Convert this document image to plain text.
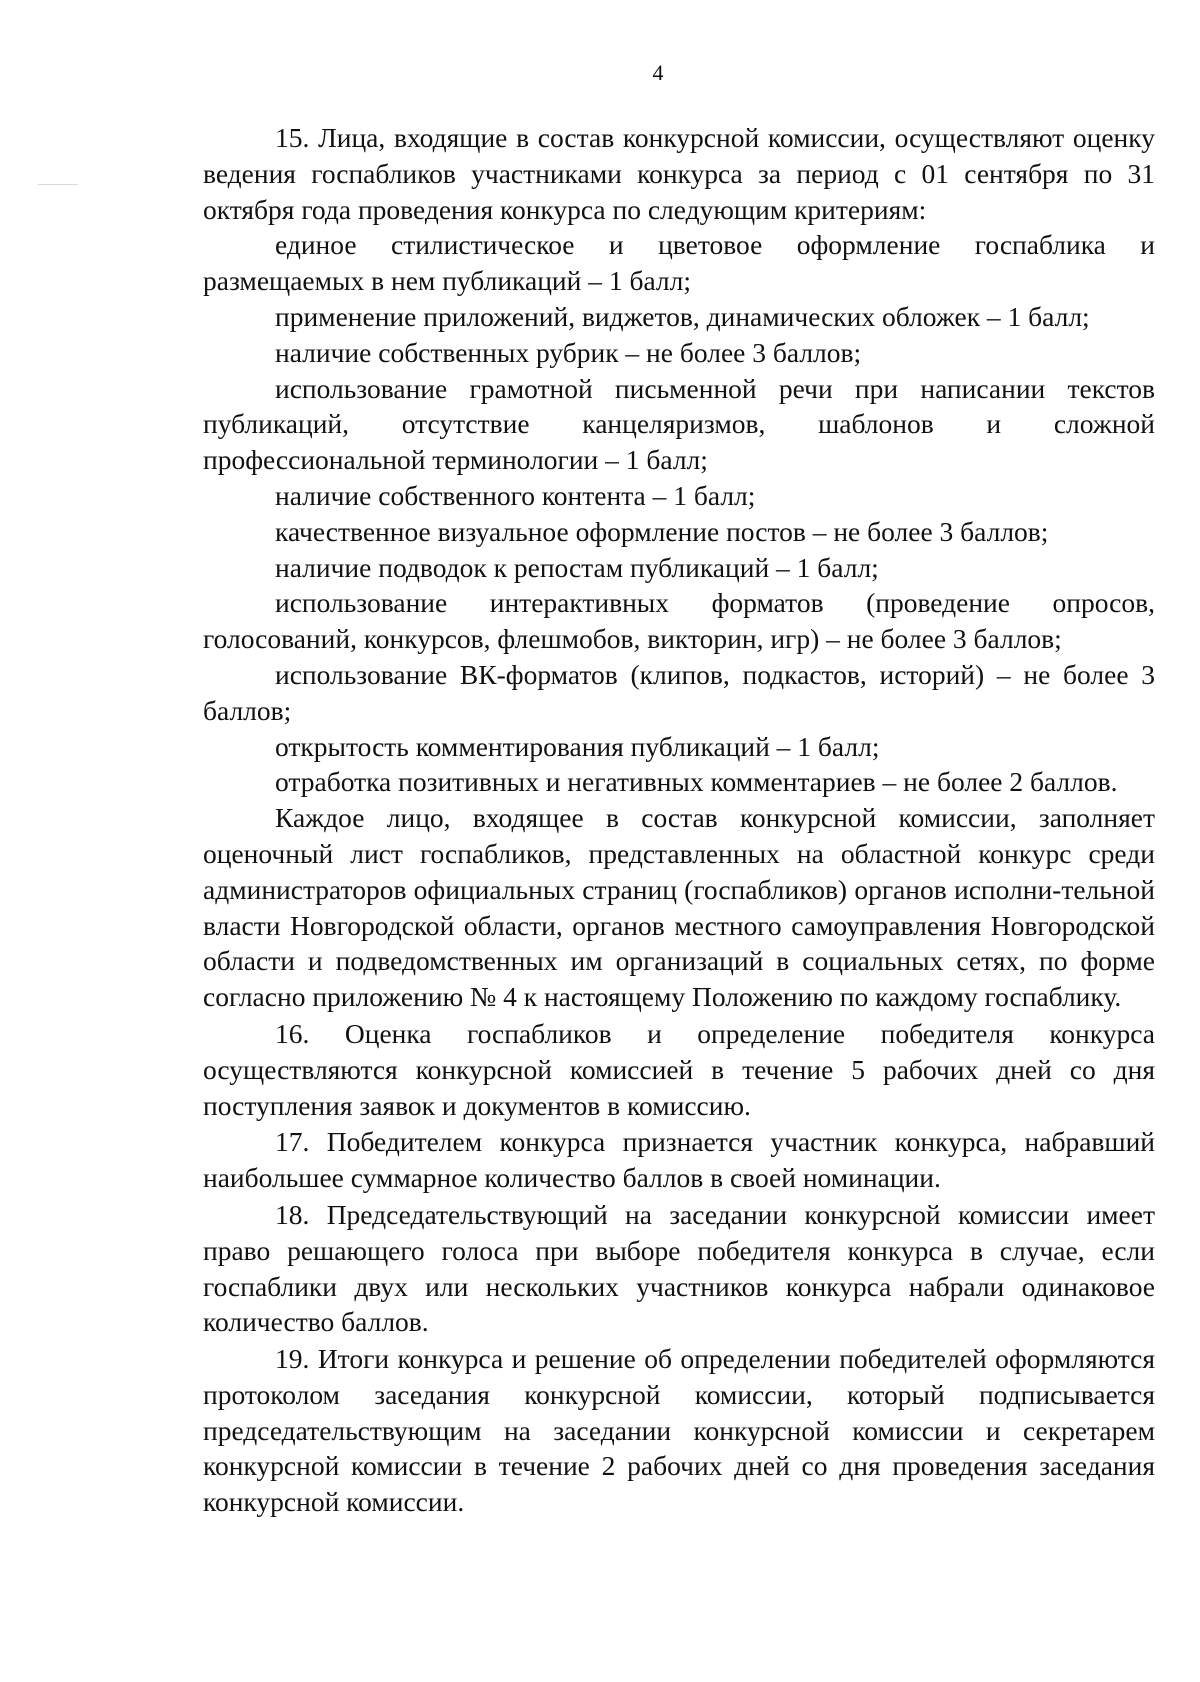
4

15. Лица, входящие в состав конкурсной комиссии, осуществляют оценку ведения госпабликов участниками конкурса за период с 01 сентября по 31 октября года проведения конкурса по следующим критериям:

единое стилистическое и цветовое оформление госпаблика и размещаемых в нем публикаций – 1 балл;
применение приложений, виджетов, динамических обложек – 1 балл;
наличие собственных рубрик – не более 3 баллов;
использование грамотной письменной речи при написании текстов публикаций, отсутствие канцеляризмов, шаблонов и сложной профессиональной терминологии – 1 балл;
наличие собственного контента – 1 балл;
качественное визуальное оформление постов – не более 3 баллов;
наличие подводок к репостам публикаций – 1 балл;
использование интерактивных форматов (проведение опросов, голосований, конкурсов, флешмобов, викторин, игр) – не более 3 баллов;
использование ВК-форматов (клипов, подкастов, историй) – не более 3 баллов;
открытость комментирования публикаций – 1 балл;
отработка позитивных и негативных комментариев – не более 2 баллов.

Каждое лицо, входящее в состав конкурсной комиссии, заполняет оценочный лист госпабликов, представленных на областной конкурс среди администраторов официальных страниц (госпабликов) органов исполни-тельной власти Новгородской области, органов местного самоуправления Новгородской области и подведомственных им организаций в социальных сетях, по форме согласно приложению № 4 к настоящему Положению по каждому госпаблику.

16. Оценка госпабликов и определение победителя конкурса осуществляются конкурсной комиссией в течение 5 рабочих дней со дня поступления заявок и документов в комиссию.

17. Победителем конкурса признается участник конкурса, набравший наибольшее суммарное количество баллов в своей номинации.

18. Председательствующий на заседании конкурсной комиссии имеет право решающего голоса при выборе победителя конкурса в случае, если госпаблики двух или нескольких участников конкурса набрали одинаковое количество баллов.

19. Итоги конкурса и решение об определении победителей оформляются протоколом заседания конкурсной комиссии, который подписывается председательствующим на заседании конкурсной комиссии и секретарем конкурсной комиссии в течение 2 рабочих дней со дня проведения заседания конкурсной комиссии.
